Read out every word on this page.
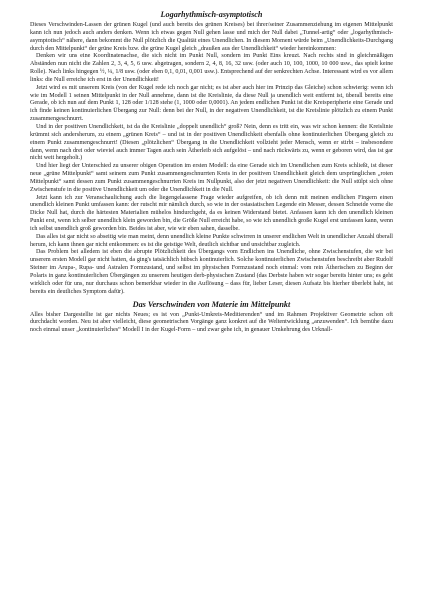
Logarhythmisch-asymptotisch

Dieses Verschwinden-Lassen der grünen Kugel (und auch bereits des grünen Kreises) bei ihrer/seiner Zusammenziehung im eigenen Mittelpunkt kann ich nun jedoch auch anders denken. Wenn ich etwas gegen Null gehen lasse und mich der Null dabei „Tunnel-artig“ oder „logarhythmisch-asymptotisch“ nähere, dann bekommt die Null plötzlich die Qualität eines Unendlichen. In diesem Moment würde beim „Unendlichkeits-Durchgang durch den Mittelpunkt“ der grüne Kreis bzw. die grüne Kugel gleich „draußen aus der Unendlichkeit“ wieder hereinkommen:

Denken wir uns eine Koordinatenachse, die sich nicht im Punkt Null, sondern im Punkt Eins kreuzt. Nach rechts sind in gleichmäßigen Abständen nun nicht die Zahlen 2, 3, 4, 5, 6 usw. abgetragen, sondern 2, 4, 8, 16, 32 usw. (oder auch 10, 100, 1000, 10 000 usw., das spielt keine Rolle). Nach links hingegen ½, ¼, 1/8 usw. (oder eben 0,1, 0,01, 0,001 usw.). Entsprechend auf der senkrechten Achse. Interessant wird es vor allem links: die Null erreiche ich erst in der Unendlichkeit!

Jetzt wird es mit unserem Kreis (von der Kugel rede ich noch gar nicht; es ist aber auch hier im Prinzip das Gleiche) schon schwierig: wenn ich wie im Modell 1 seinen Mittelpunkt in der Null annehme, dann ist die Kreislinie, da diese Null ja unendlich weit entfernt ist, überall bereits eine Gerade, ob ich nun auf dem Punkt 1, 128 oder 1/128 stehe (1, 1000 oder 0,0001). An jedem endlichen Punkt ist die Kreisperipherie eine Gerade und ich finde keinen kontinuierlichen Übergang zur Null: denn bei der Null, in der negativen Unendlichkeit, ist die Kreislinie plötzlich zu einem Punkt zusammengeschnurrt.

Und in der positiven Unendlichkeit, ist da die Kreislinie „doppelt unendlich“ groß? Nein, denn es tritt ein, was wir schon kennen: die Kreislinie krümmt sich andersherum, zu einem „grünen Kreis“ – und ist in der positiven Unendlichkeit ebenfalls ohne kontinuierlichen Übergang gleich zu einem Punkt zusammengeschnurrt! (Diesen „plötzlichen“ Übergang in die Unendlichkeit vollzieht jeder Mensch, wenn er stirbt – insbesondere dann, wenn nach drei oder wieviel auch immer Tagen auch sein Ätherleib sich aufgelöst – und nach rückwärts zu, wenn er geboren wird, das ist gar nicht weit hergeholt.)

Und hier liegt der Unterschied zu unserer obigen Operation im ersten Modell: da eine Gerade sich im Unendlichen zum Kreis schließt, ist dieser neue „grüne Mittelpunkt“ samt seinem zum Punkt zusammengeschnurrten Kreis in der positiven Unendlichkeit gleich dem ursprünglichen „roten Mittelpunkt“ samt dessen zum Punkt zusammengeschnurrten Kreis im Nullpunkt, also der jetzt negativen Unendlichkeit: die Null stülpt sich ohne Zwischenstufe in die positive Unendlichkeit um oder die Unendlichkeit in die Null.

Jetzt kann ich zur Veranschaulichung auch die liegengelassene Frage wieder aufgreifen, ob ich denn mit meinen endlichen Fingern einen unendlich kleinen Punkt umfassen kann: der rutscht mir nämlich durch, so wie in der ostasiatischen Legende ein Messer, dessen Schneide vorne die Dicke Null hat, durch die härtesten Materialien mühelos hindurchgeht, da es keinen Widerstand bietet. Anfassen kann ich den unendlich kleinen Punkt erst, wenn ich selber unendlich klein geworden bin, die Größe Null erreicht habe, so wie ich unendlich große Kugel erst umfassen kann, wenn ich selbst unendlich groß geworden bin. Beides ist aber, wie wir eben sahen, dasselbe.

Das alles ist gar nicht so abseitig wie man meint, denn unendlich kleine Punkte schwirren in unserer endlichen Welt in unendlicher Anzahl überall herum, ich kann ihnen gar nicht entkommen: es ist die geistige Welt, deutlich sichtbar und unsichtbar zugleich.

Das Problem bei alledem ist eben die abrupte Plötzlichkeit des Übergangs vom Endlichen ins Unendliche, ohne Zwischenstufen, die wir bei unserem ersten Modell gar nicht hatten, da ging's tatsächlich hübsch kontinuierlich. Solche kontinuierlichen Zwischenstufen beschreibt aber Rudolf Steiner im Arupa-, Rupa- und Astralen Formzustand, und selbst im physischen Formzustand noch einmal: vom rein Ätherischen zu Beginn der Polaris in ganz kontinuierlichen Übergängen zu unserem heutigen derb-physischen Zustand (das Derbste haben wir sogar bereits hinter uns; es geht wirklich oder für uns, nur durchaus schon bemerkbar wieder in die Auflösung – dass für, lieber Leser, diesen Aufsatz bis hierher überlebt habt, ist bereits ein deutliches Symptom dafür).

Das Verschwinden von Materie im Mittelpunkt

Alles bisher Dargestellte ist gar nichts Neues; es ist von „Punkt-Umkreis-Meditierenden“ und im Rahmen Projektiver Geometrie schon oft durchdacht worden. Neu ist aber vielleicht, diese geometrischen Vorgänge ganz konkret auf die Weltentwicklung „anzuwenden“. Ich bemühe dazu noch einmal unser „kontinuierliches“ Modell I in der Kugel-Form – und zwar gehe ich, in genauer Umkehrung des Urknall-
